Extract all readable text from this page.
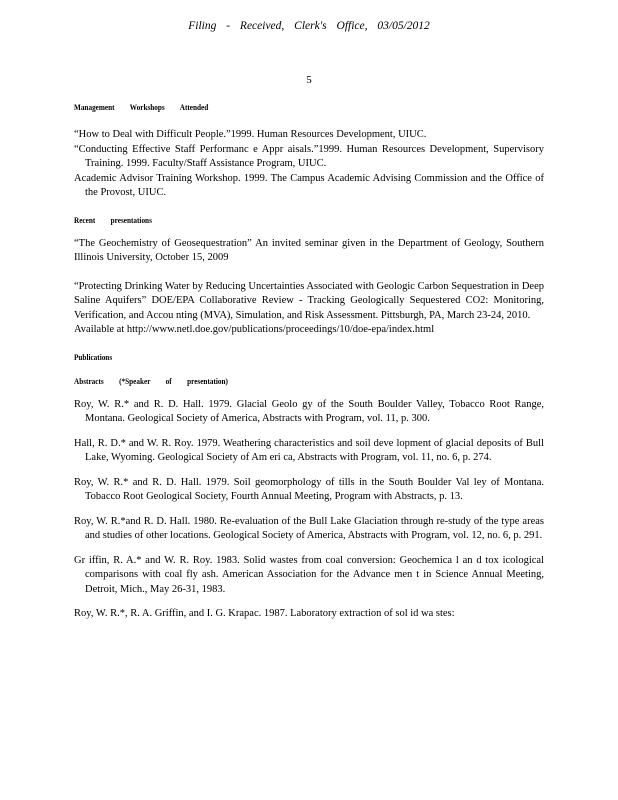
Filing - Received, Clerk's Office, 03/05/2012
5

Management Workshops Attended

“How to Deal with Difficult People.”1999. Human Resources Development, UIUC.

“Conducting Effective Staff Performanc e Appr aisals.”1999. Human Resources Development, Supervisory Training. 1999. Faculty/Staff Assistance Program, UIUC.

Academic Advisor Training Workshop. 1999. The Campus Academic Advising Commission and the Office of the Provost, UIUC.

Recent presentations

“The Geochemistry of Geosequestration” An invited seminar given in the Department of Geology, Southern Illinois University, October 15, 2009

“Protecting Drinking Water by Reducing Uncertainties Associated with Geologic Carbon Sequestration in Deep Saline Aquifers” DOE/EPA Collaborative Review - Tracking Geologically Sequestered CO2: Monitoring, Verification, and Accou nting (MVA), Simulation, and Risk Assessment. Pittsburgh, PA, March 23-24, 2010.

Available at http://www.netl.doe.gov/publications/proceedings/10/doe-epa/index.html

Publications

Abstracts (*Speaker of presentation)

Roy, W. R.* and R. D. Hall. 1979. Glacial Geolo gy of the South Boulder Valley, Tobacco Root Range, Montana. Geological Society of America, Abstracts with Program, vol. 11, p. 300.

Hall, R. D.* and W. R. Roy. 1979. Weathering characteristics and soil deve lopment of glacial deposits of Bull Lake, Wyoming. Geological Society of Am eri ca, Abstracts with Program, vol. 11, no. 6, p. 274.

Roy, W. R.* and R. D. Hall. 1979. Soil geomorphology of tills in the South Boulder Val ley of Montana. Tobacco Root Geological Society, Fourth Annual Meeting, Program with Abstracts, p. 13.

Roy, W. R.*and R. D. Hall. 1980. Re-evaluation of the Bull Lake Glaciation through re-study of the type areas and studies of other locations. Geological Society of America, Abstracts with Program, vol. 12, no. 6, p. 291.

Gr iffin, R. A.* and W. R. Roy. 1983. Solid wastes from coal conversion: Geochemica l an d tox icological comparisons with coal fly ash. American Association for the Advance men t in Science Annual Meeting, Detroit, Mich., May 26-31, 1983.

Roy, W. R.*, R. A. Griffin, and I. G. Krapac. 1987. Laboratory extraction of sol id wa stes:
